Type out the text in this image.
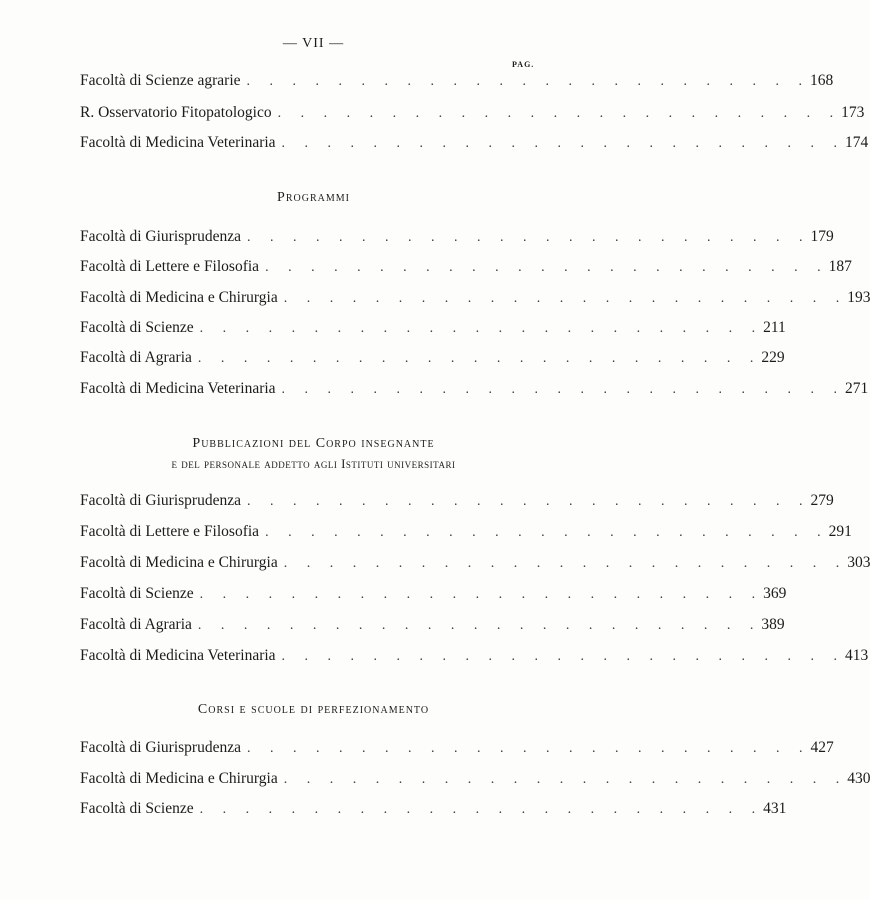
— VII —
PAG.
Facoltà di Scienze agrarie . . . . . . . . . . . . . . . . . . . . . . . . . 168
R. Osservatorio Fitopatologico . . . . . . . . . . . . . . . . . . . . . . . . . 173
Facoltà di Medicina Veterinaria . . . . . . . . . . . . . . . . . . . . . . . . . 174
Programmi
Facoltà di Giurisprudenza . . . . . . . . . . . . . . . . . . . . . . . . . 179
Facoltà di Lettere e Filosofia . . . . . . . . . . . . . . . . . . . . . . . . . 187
Facoltà di Medicina e Chirurgia . . . . . . . . . . . . . . . . . . . . . . . . . 193
Facoltà di Scienze . . . . . . . . . . . . . . . . . . . . . . . . . 211
Facoltà di Agraria . . . . . . . . . . . . . . . . . . . . . . . . . 229
Facoltà di Medicina Veterinaria . . . . . . . . . . . . . . . . . . . . . . . . . 271
Pubblicazioni del Corpo insegnante
e del personale addetto agli Istituti universitari
Facoltà di Giurisprudenza . . . . . . . . . . . . . . . . . . . . . . . . . 279
Facoltà di Lettere e Filosofia . . . . . . . . . . . . . . . . . . . . . . . . . 291
Facoltà di Medicina e Chirurgia . . . . . . . . . . . . . . . . . . . . . . . . . 303
Facoltà di Scienze . . . . . . . . . . . . . . . . . . . . . . . . . 369
Facoltà di Agraria . . . . . . . . . . . . . . . . . . . . . . . . . 389
Facoltà di Medicina Veterinaria . . . . . . . . . . . . . . . . . . . . . . . . . 413
Corsi e scuole di perfezionamento
Facoltà di Giurisprudenza . . . . . . . . . . . . . . . . . . . . . . . . . 427
Facoltà di Medicina e Chirurgia . . . . . . . . . . . . . . . . . . . . . . . . . 430
Facoltà di Scienze . . . . . . . . . . . . . . . . . . . . . . . . . 431
